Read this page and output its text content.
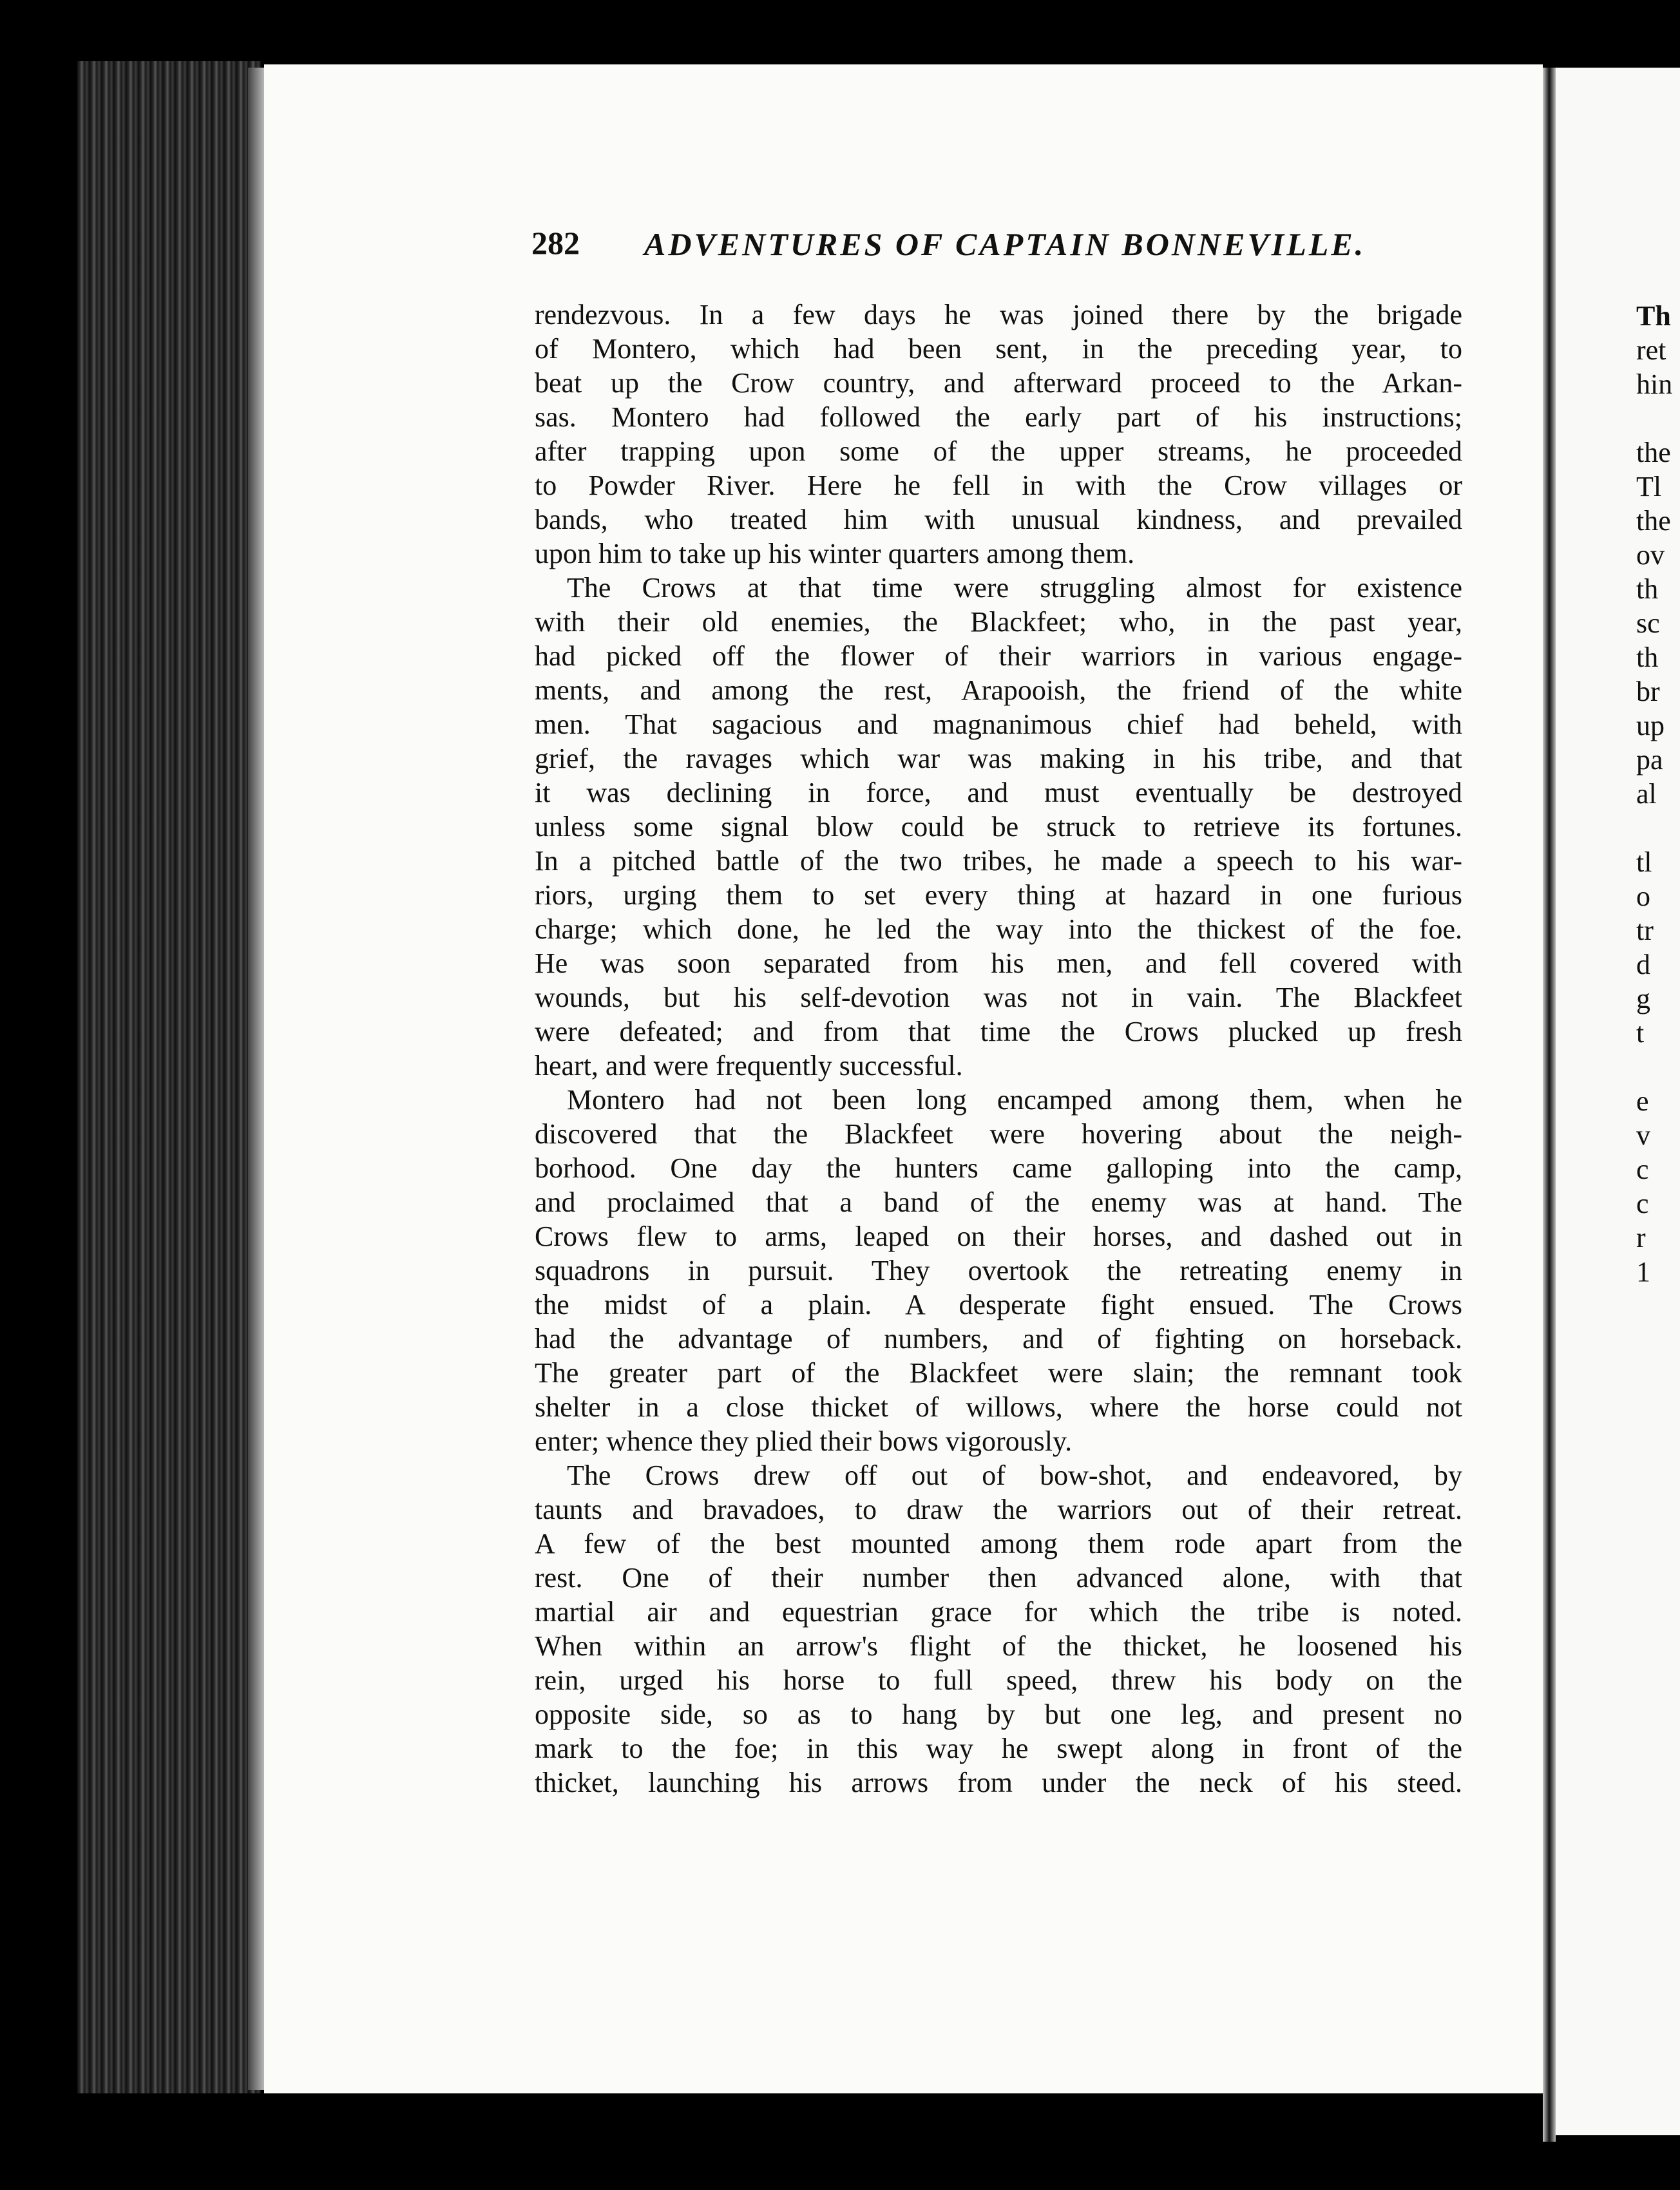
282 ADVENTURES OF CAPTAIN BONNEVILLE.
rendezvous. In a few days he was joined there by the brigade
of Montero, which had been sent, in the preceding year, to
beat up the Crow country, and afterward proceed to the Arkan-
sas. Montero had followed the early part of his instructions;
after trapping upon some of the upper streams, he proceeded
to Powder River. Here he fell in with the Crow villages or
bands, who treated him with unusual kindness, and prevailed
upon him to take up his winter quarters among them.
The Crows at that time were struggling almost for existence
with their old enemies, the Blackfeet; who, in the past year,
had picked off the flower of their warriors in various engage-
ments, and among the rest, Arapooish, the friend of the white
men. That sagacious and magnanimous chief had beheld, with
grief, the ravages which war was making in his tribe, and that
it was declining in force, and must eventually be destroyed
unless some signal blow could be struck to retrieve its fortunes.
In a pitched battle of the two tribes, he made a speech to his war-
riors, urging them to set every thing at hazard in one furious
charge; which done, he led the way into the thickest of the foe.
He was soon separated from his men, and fell covered with
wounds, but his self-devotion was not in vain. The Blackfeet
were defeated; and from that time the Crows plucked up fresh
heart, and were frequently successful.
Montero had not been long encamped among them, when he
discovered that the Blackfeet were hovering about the neigh-
borhood. One day the hunters came galloping into the camp,
and proclaimed that a band of the enemy was at hand. The
Crows flew to arms, leaped on their horses, and dashed out in
squadrons in pursuit. They overtook the retreating enemy in
the midst of a plain. A desperate fight ensued. The Crows
had the advantage of numbers, and of fighting on horseback.
The greater part of the Blackfeet were slain; the remnant took
shelter in a close thicket of willows, where the horse could not
enter; whence they plied their bows vigorously.
The Crows drew off out of bow-shot, and endeavored, by
taunts and bravadoes, to draw the warriors out of their retreat.
A few of the best mounted among them rode apart from the
rest. One of their number then advanced alone, with that
martial air and equestrian grace for which the tribe is noted.
When within an arrow's flight of the thicket, he loosened his
rein, urged his horse to full speed, threw his body on the
opposite side, so as to hang by but one leg, and present no
mark to the foe; in this way he swept along in front of the
thicket, launching his arrows from under the neck of his steed.
Th
ret
hin
the
Tl
the
ov
th
sc
th
br
up
pa
al
tl
o
tr
d
g
t
e
v
c
c
r
1
